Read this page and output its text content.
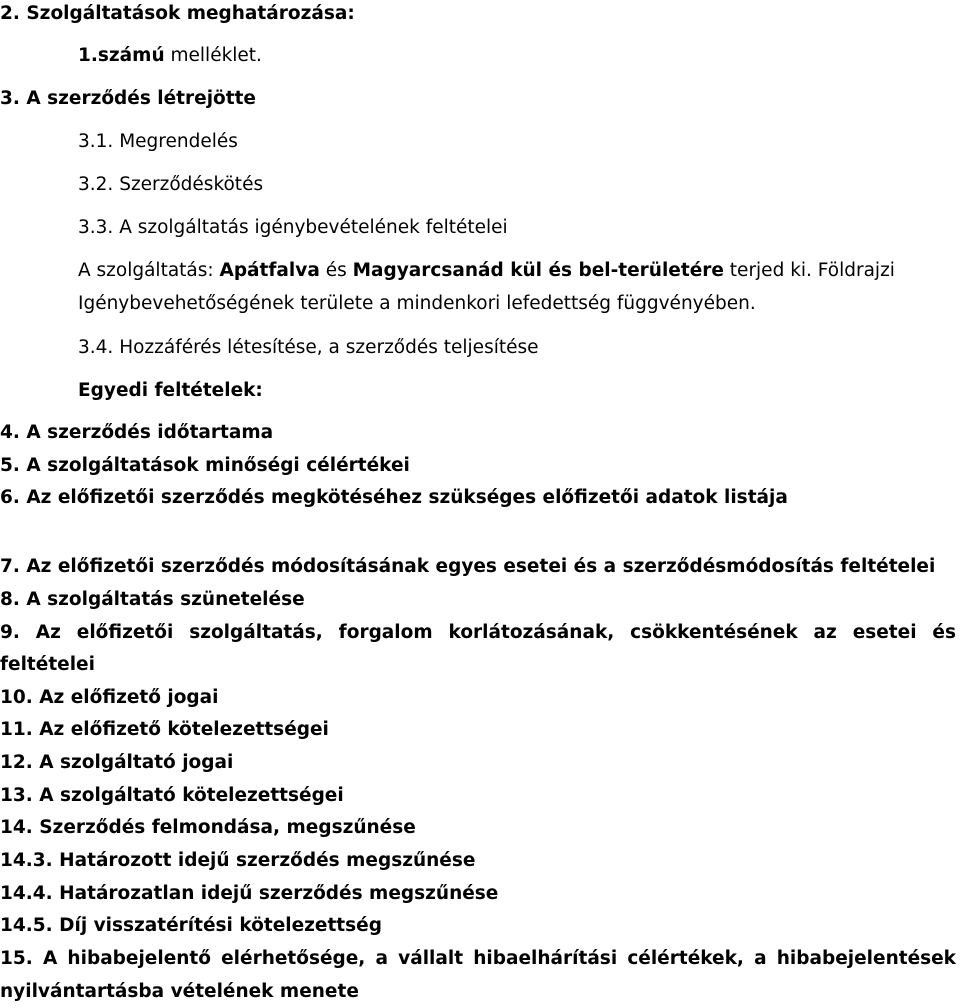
2. Szolgáltatások meghatározása:
1.számú melléklet.
3. A szerződés létrejötte
3.1. Megrendelés
3.2. Szerződéskötés
3.3. A szolgáltatás igénybevételének feltételei
A szolgáltatás: Apátfalva és Magyarcsanád kül és bel-területére terjed ki. Földrajzi
Igénybevehetőségének területe a mindenkori lefedettség függvényében.
3.4. Hozzáférés létesítése, a szerződés teljesítése
Egyedi feltételek:
4. A szerződés időtartama
5. A szolgáltatások minőségi célértékei
6. Az előfizetői szerződés megkötéséhez szükséges előfizetői adatok listája
7. Az előfizetői szerződés módosításának egyes esetei és a szerződésmódosítás feltételei
8. A szolgáltatás szünetelése
9. Az előfizetői szolgáltatás, forgalom korlátozásának, csökkentésének az esetei és
feltételei
10. Az előfizető jogai
11. Az előfizető kötelezettségei
12. A szolgáltató jogai
13. A szolgáltató kötelezettségei
14. Szerződés felmondása, megszűnése
14.3. Határozott idejű szerződés megszűnése
14.4. Határozatlan idejű szerződés megszűnése
14.5. Díj visszatérítési kötelezettség
15. A hibabejelentő elérhetősége, a vállalt hibaelhárítási célértékek, a hibabejelentések
nyilvántartásba vételének menete
